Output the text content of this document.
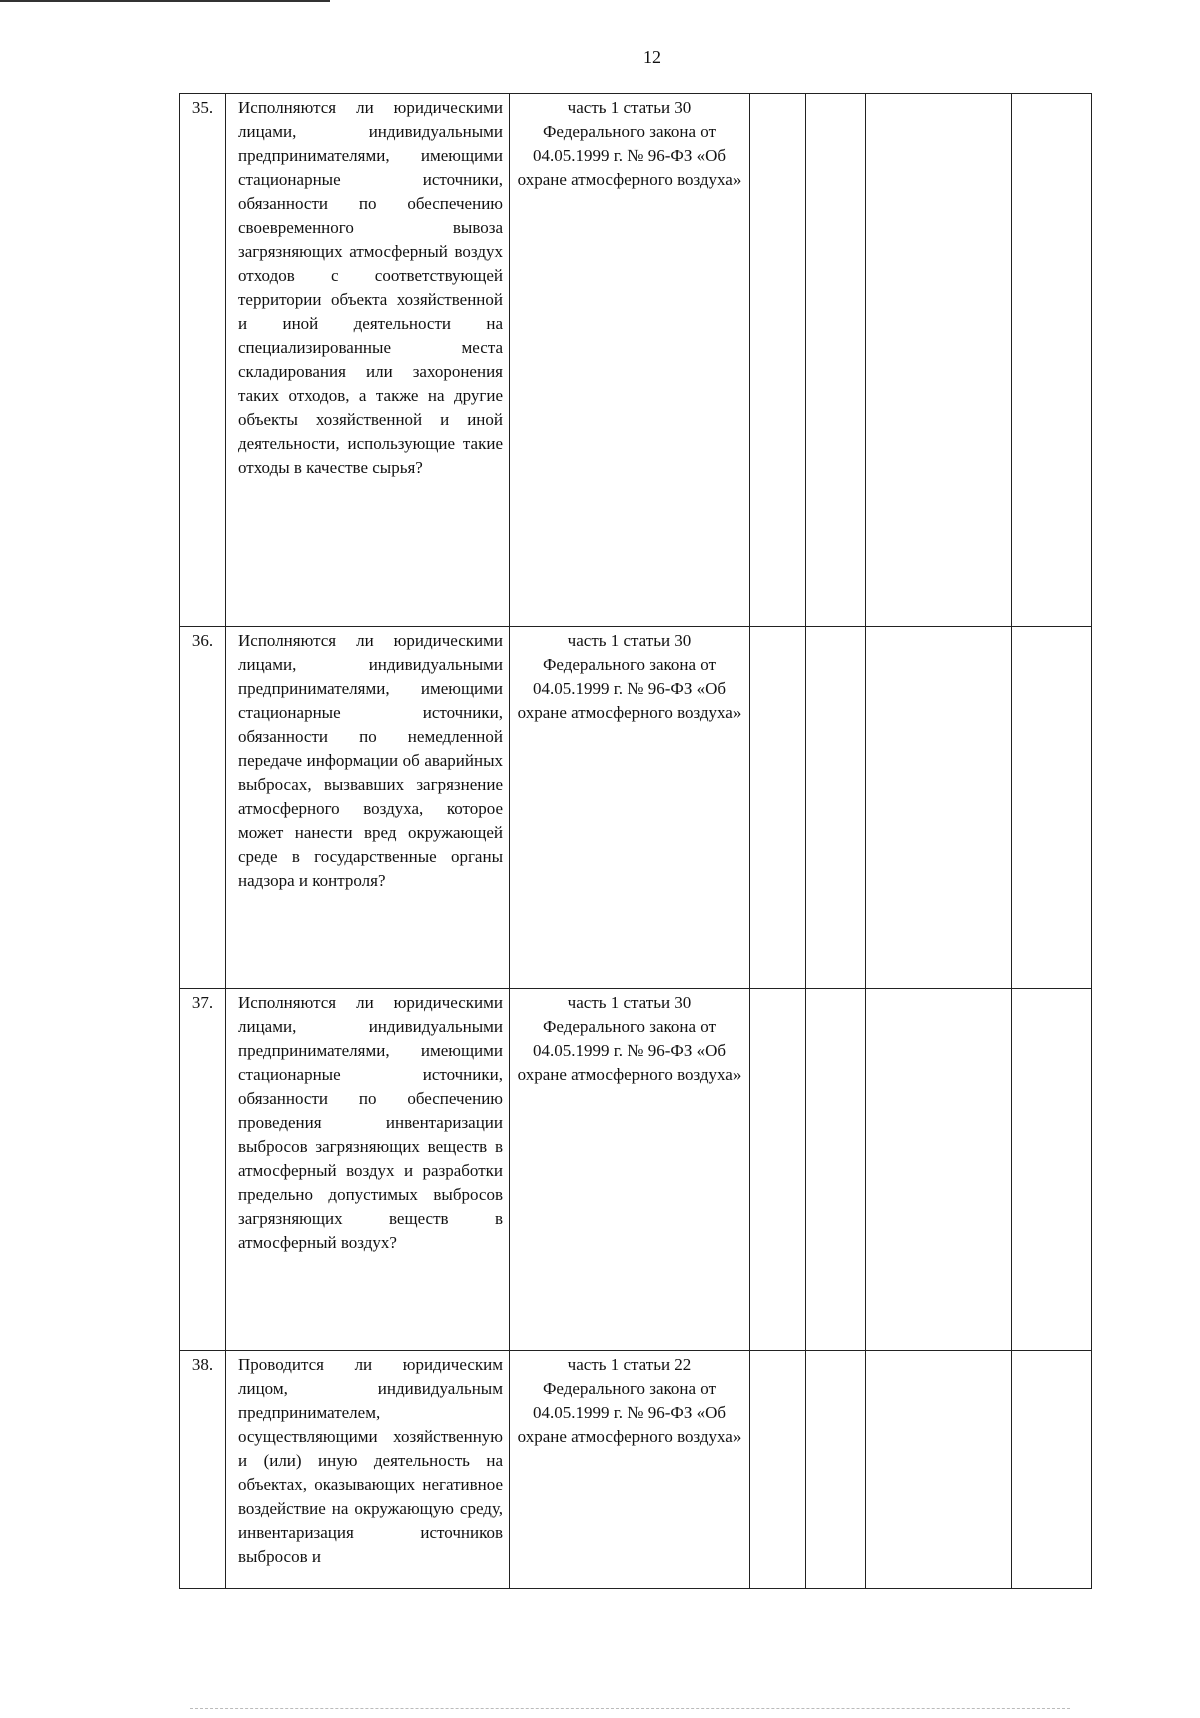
12
35.	Исполняются ли юридическими лицами, индивидуальными предпринимателями, имеющими стационарные источники, обязанности по обеспечению своевременного вывоза загрязняющих атмосферный воздух отходов с соответствующей территории объекта хозяйственной и иной деятельности на специализированные места складирования или захоронения таких отходов, а также на другие объекты хозяйственной и иной деятельности, использующие такие отходы в качестве сырья?	часть 1 статьи 30 Федерального закона от 04.05.1999 г. № 96-ФЗ «Об охране атмосферного воздуха»				
36.	Исполняются ли юридическими лицами, индивидуальными предпринимателями, имеющими стационарные источники, обязанности по немедленной передаче информации об аварийных выбросах, вызвавших загрязнение атмосферного воздуха, которое может нанести вред окружающей среде в государственные органы надзора и контроля?	часть 1 статьи 30 Федерального закона от 04.05.1999 г. № 96-ФЗ «Об охране атмосферного воздуха»				
37.	Исполняются ли юридическими лицами, индивидуальными предпринимателями, имеющими стационарные источники, обязанности по обеспечению проведения инвентаризации выбросов загрязняющих веществ в атмосферный воздух и разработки предельно допустимых выбросов загрязняющих веществ в атмосферный воздух?	часть 1 статьи 30 Федерального закона от 04.05.1999 г. № 96-ФЗ «Об охране атмосферного воздуха»				
38.	Проводится ли юридическим лицом, индивидуальным предпринимателем, осуществляющими хозяйственную и (или) иную деятельность на объектах, оказывающих негативное воздействие на окружающую среду, инвентаризация источников выбросов и	часть 1 статьи 22 Федерального закона от 04.05.1999 г. № 96-ФЗ «Об охране атмосферного воздуха»				
